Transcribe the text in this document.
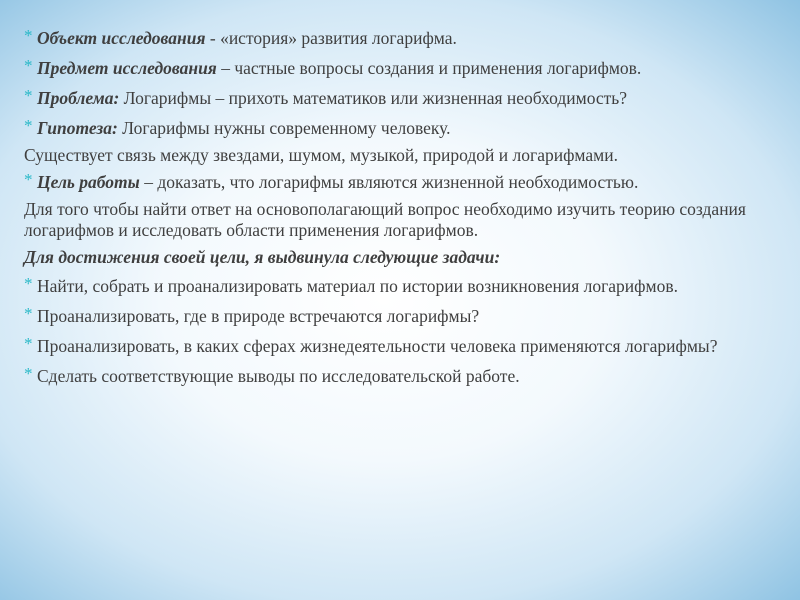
* Объект исследования - «история» развития логарифма.
* Предмет исследования – частные вопросы создания и применения логарифмов.
* Проблема: Логарифмы – прихоть математиков или жизненная необходимость?
* Гипотеза: Логарифмы нужны современному человеку.
Существует связь между звездами, шумом, музыкой, природой и логарифмами.
* Цель работы – доказать, что логарифмы являются жизненной необходимостью.
Для того чтобы найти ответ на основополагающий вопрос необходимо изучить теорию создания логарифмов и исследовать области применения логарифмов.
Для достижения своей цели, я выдвинула следующие задачи:
* Найти, собрать и проанализировать материал по истории возникновения логарифмов.
* Проанализировать, где в природе встречаются логарифмы?
* Проанализировать, в каких сферах жизнедеятельности человека применяются логарифмы?
* Сделать соответствующие выводы по исследовательской работе.
